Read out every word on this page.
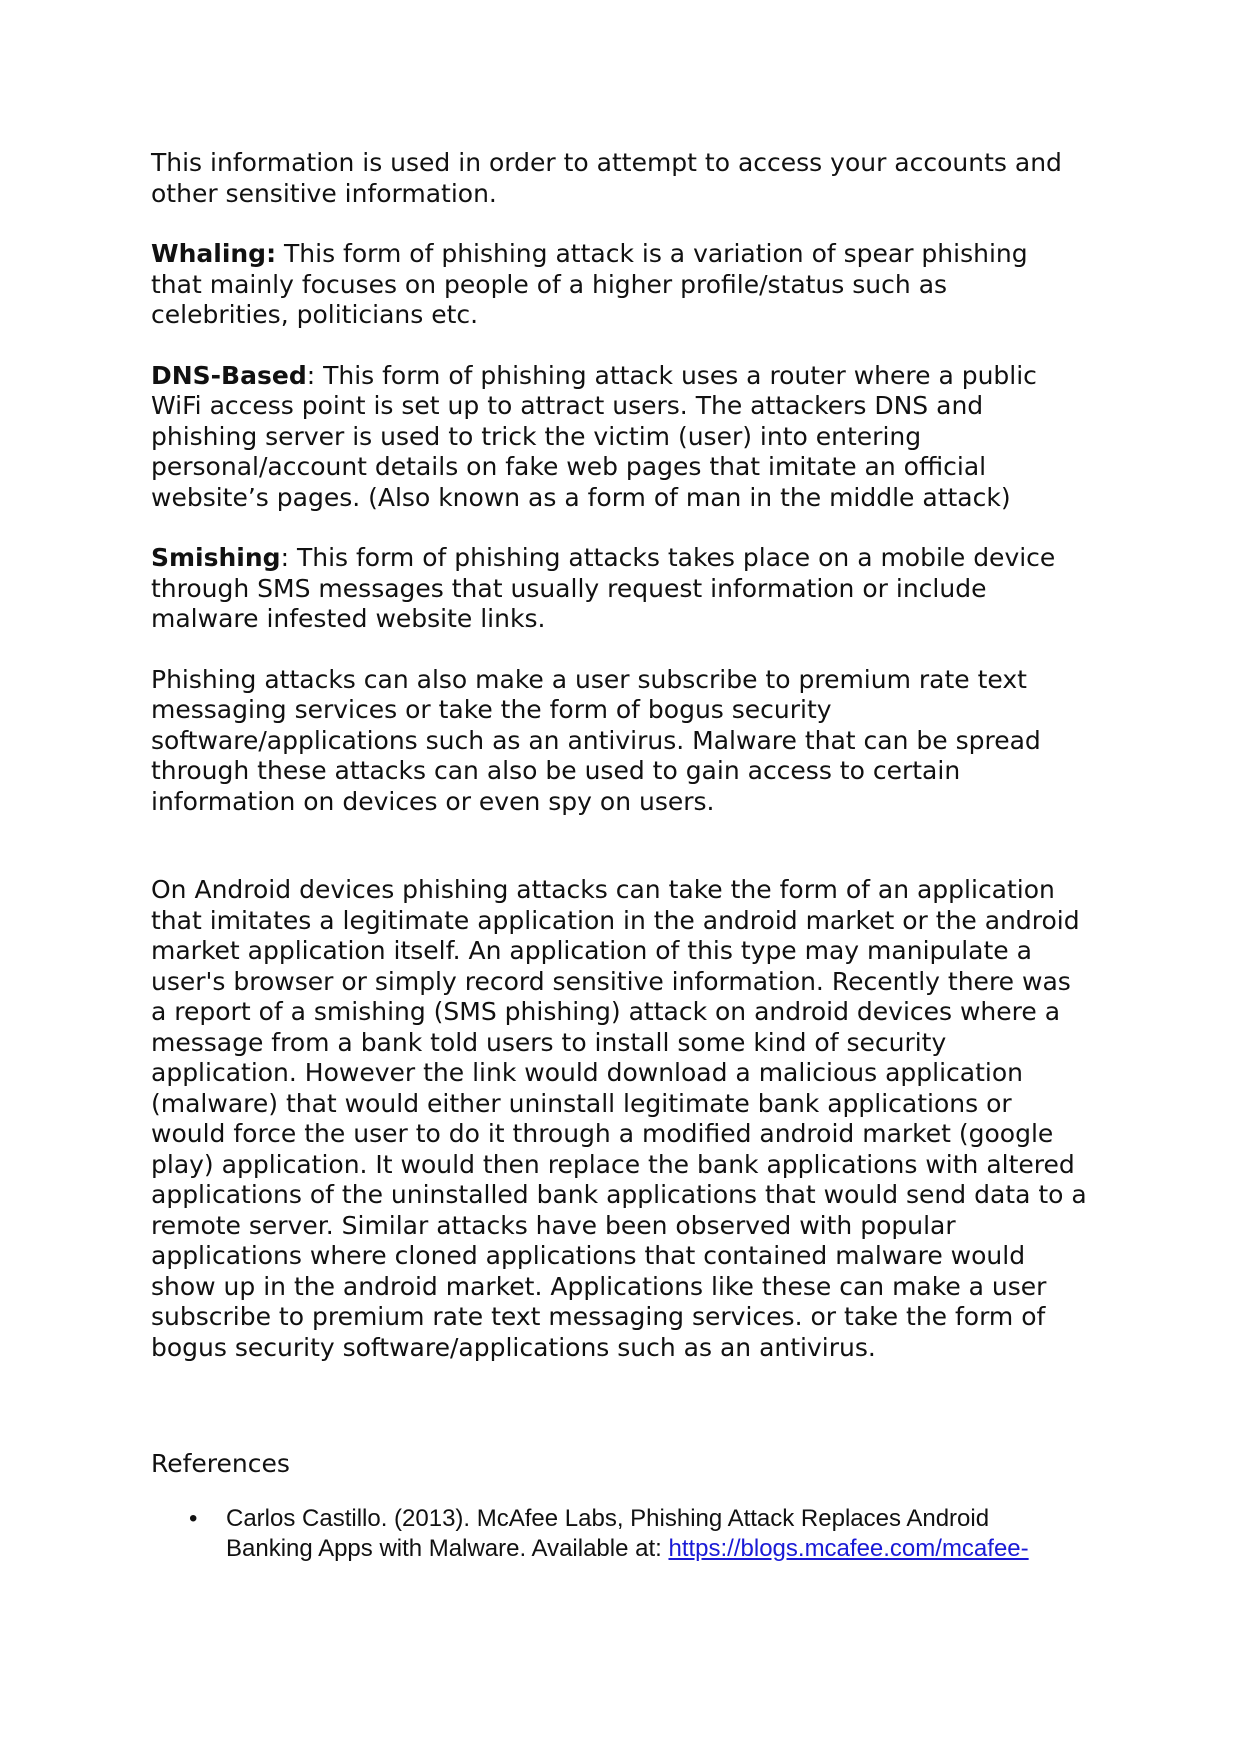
This information is used in order to attempt to access your accounts and
other sensitive information.

Whaling: This form of phishing attack is a variation of spear phishing
that mainly focuses on people of a higher profile/status such as
celebrities, politicians etc.

DNS-Based: This form of phishing attack uses a router where a public
WiFi access point is set up to attract users. The attackers DNS and
phishing server is used to trick the victim (user) into entering
personal/account details on fake web pages that imitate an official
website’s pages. (Also known as a form of man in the middle attack)

Smishing: This form of phishing attacks takes place on a mobile device
through SMS messages that usually request information or include
malware infested website links.

Phishing attacks can also make a user subscribe to premium rate text
messaging services or take the form of bogus security
software/applications such as an antivirus. Malware that can be spread
through these attacks can also be used to gain access to certain
information on devices or even spy on users.

On Android devices phishing attacks can take the form of an application
that imitates a legitimate application in the android market or the android
market application itself. An application of this type may manipulate a
user's browser or simply record sensitive information. Recently there was
a report of a smishing (SMS phishing) attack on android devices where a
message from a bank told users to install some kind of security
application. However the link would download a malicious application
(malware) that would either uninstall legitimate bank applications or
would force the user to do it through a modified android market (google
play) application. It would then replace the bank applications with altered
applications of the uninstalled bank applications that would send data to a
remote server. Similar attacks have been observed with popular
applications where cloned applications that contained malware would
show up in the android market. Applications like these can make a user
subscribe to premium rate text messaging services. or take the form of
bogus security software/applications such as an antivirus.

References

• Carlos Castillo. (2013). McAfee Labs, Phishing Attack Replaces Android
Banking Apps with Malware. Available at: https://blogs.mcafee.com/mcafee-
